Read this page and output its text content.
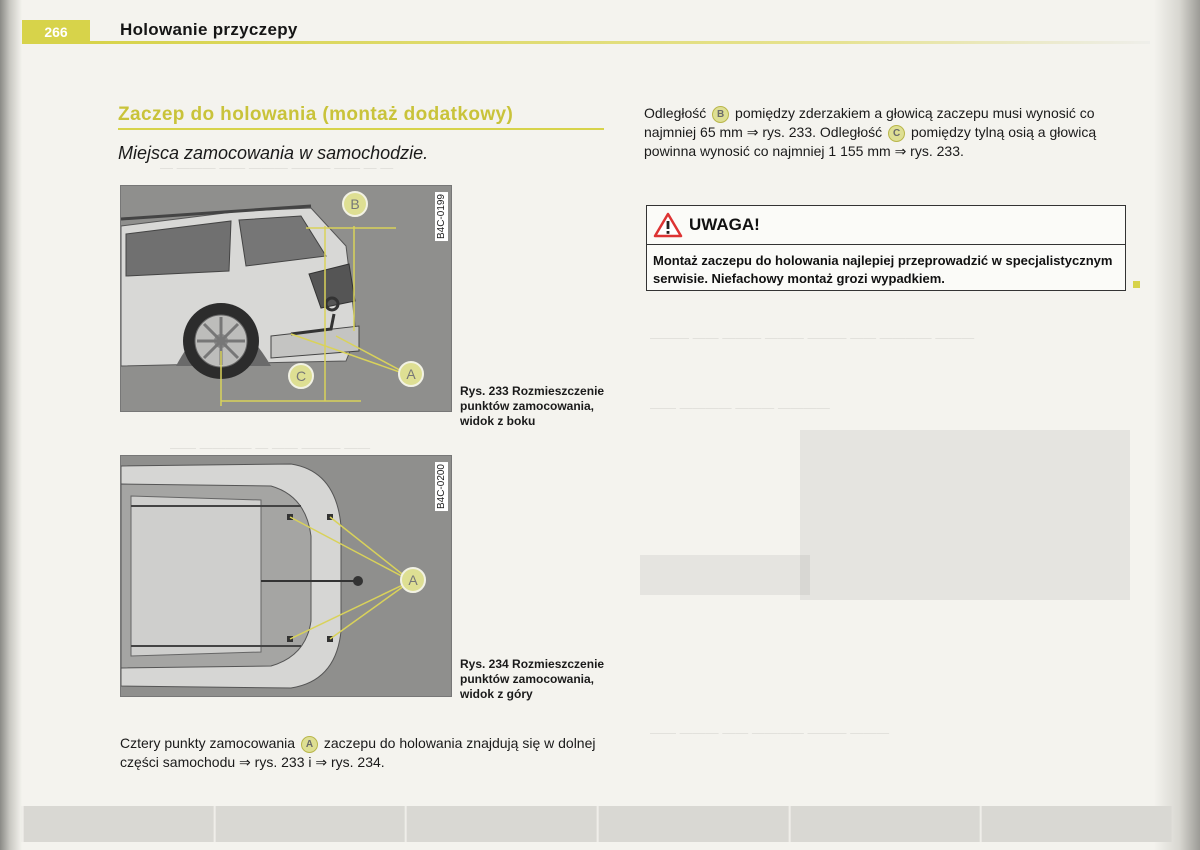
— — —— ——— ——— —— ——— —
—— ——— —— — ———— ——
——— ———— —— ——— ——— ——— —— ———
———— ——— ———— ——
——— ——— ———— —— ——— ——
266	Holowanie przyczepy
Zaczep do holowania (montaż dodatkowy)
Miejsca zamocowania w samochodzie.
B
C	A
B4C-0199
Rys. 233 Rozmieszczenie punktów zamocowania, widok z boku
A
B4C-0200
Rys. 234 Rozmieszczenie punktów zamocowania, widok z góry
Cztery punkty zamocowania A zaczepu do holowania znajdują się w dolnej części samochodu ⇒ rys. 233 i ⇒ rys. 234.
Odległość B pomiędzy zderzakiem a głowicą zaczepu musi wynosić co najmniej 65 mm ⇒ rys. 233. Odległość C pomiędzy tylną osią a głowicą powinna wynosić co najmniej 1 155 mm ⇒ rys. 233.
UWAGA!
Montaż zaczepu do holowania najlepiej przeprowadzić w specjalistycznym serwisie. Niefachowy montaż grozi wypadkiem.
